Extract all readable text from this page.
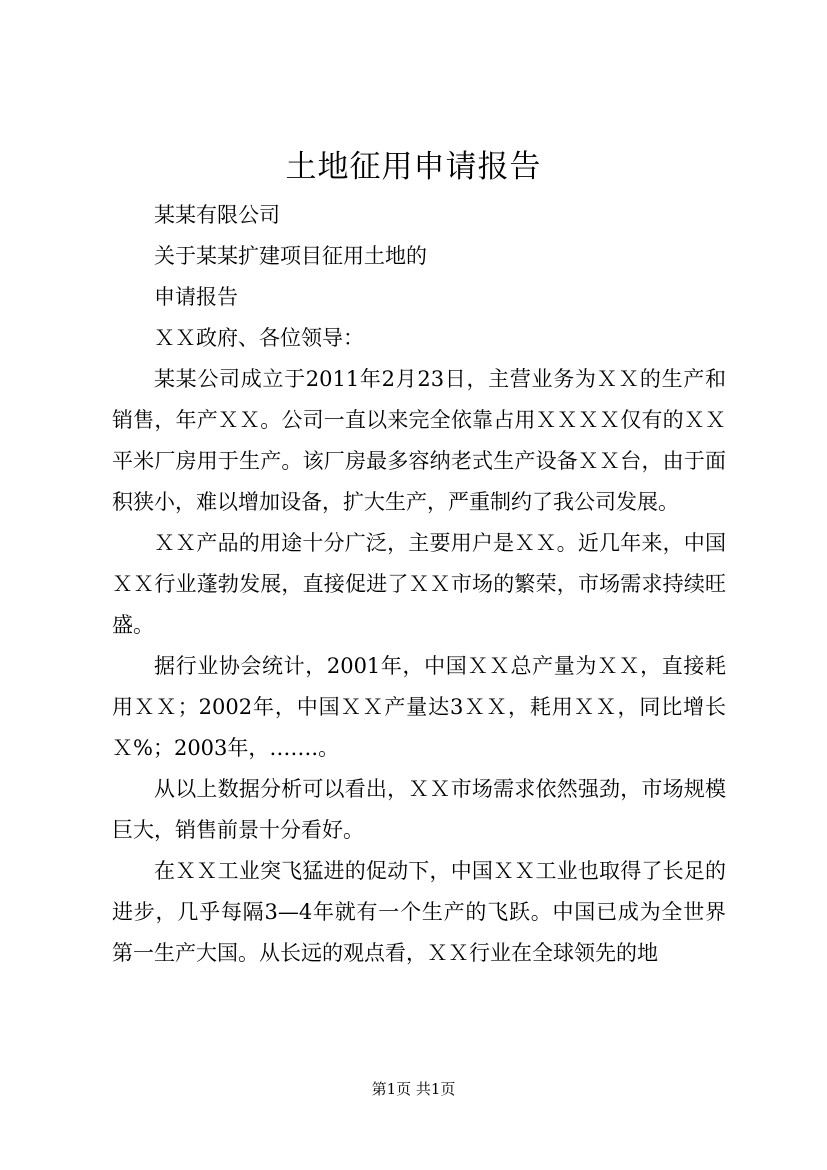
土地征用申请报告

某某有限公司

关于某某扩建项目征用土地的

申请报告

ＸＸ政府、各位领导：

某某公司成立于2011年2月23日，主营业务为ＸＸ的生产和销售，年产ＸＸ。公司一直以来完全依靠占用ＸＸＸＸ仅有的ＸＸ平米厂房用于生产。该厂房最多容纳老式生产设备ＸＸ台，由于面积狭小，难以增加设备，扩大生产，严重制约了我公司发展。

ＸＸ产品的用途十分广泛，主要用户是ＸＸ。近几年来，中国ＸＸ行业蓬勃发展，直接促进了ＸＸ市场的繁荣，市场需求持续旺盛。

据行业协会统计，2001年，中国ＸＸ总产量为ＸＸ，直接耗用ＸＸ；2002年，中国ＸＸ产量达3ＸＸ，耗用ＸＸ，同比增长Ｘ%；2003年，…….。

从以上数据分析可以看出，ＸＸ市场需求依然强劲，市场规模巨大，销售前景十分看好。

在ＸＸ工业突飞猛进的促动下，中国ＸＸ工业也取得了长足的进步，几乎每隔3—4年就有一个生产的飞跃。中国已成为全世界第一生产大国。从长远的观点看，ＸＸ行业在全球领先的地

第1页 共1页
